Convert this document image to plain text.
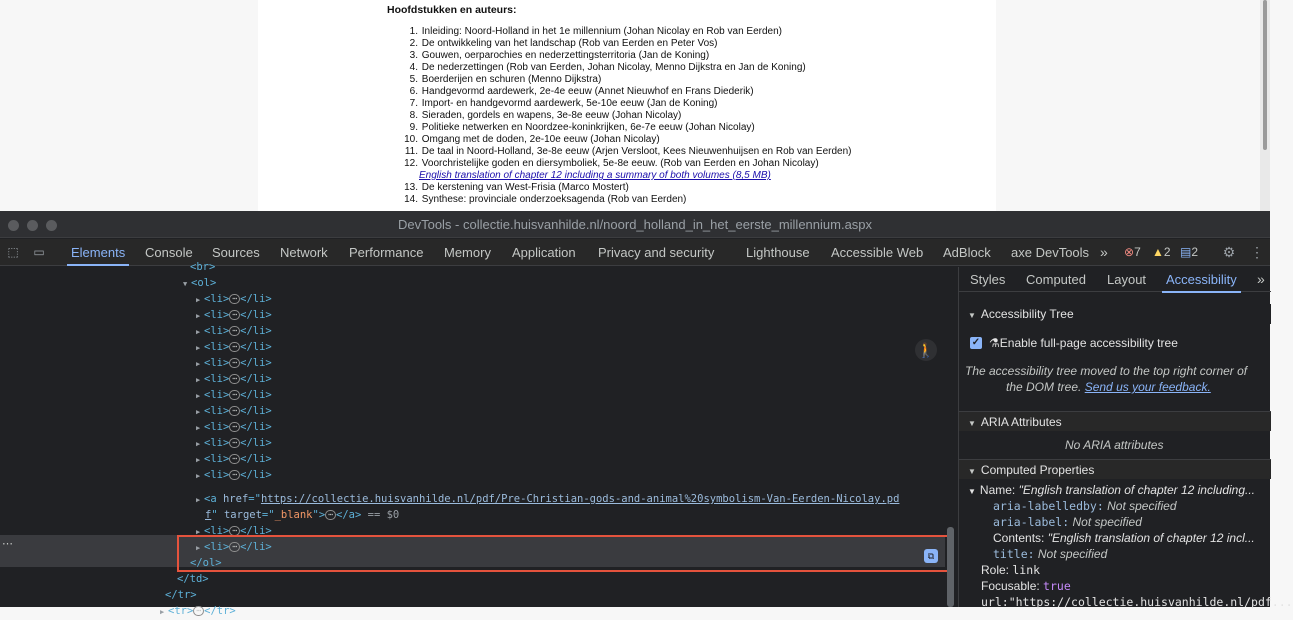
Hoofdstukken en auteurs:
1. Inleiding: Noord-Holland in het 1e millennium (Johan Nicolay en Rob van Eerden)
2. De ontwikkeling van het landschap (Rob van Eerden en Peter Vos)
3. Gouwen, oerparochies en nederzettingsterritoria (Jan de Koning)
4. De nederzettingen (Rob van Eerden, Johan Nicolay, Menno Dijkstra en Jan de Koning)
5. Boerderijen en schuren (Menno Dijkstra)
6. Handgevormd aardewerk, 2e-4e eeuw (Annet Nieuwhof en Frans Diederik)
7. Import- en handgevormd aardewerk, 5e-10e eeuw (Jan de Koning)
8. Sieraden, gordels en wapens, 3e-8e eeuw (Johan Nicolay)
9. Politieke netwerken en Noordzee-koninkrijken, 6e-7e eeuw (Johan Nicolay)
10. Omgang met de doden, 2e-10e eeuw (Johan Nicolay)
11. De taal in Noord-Holland, 3e-8e eeuw (Arjen Versloot, Kees Nieuwenhuijsen en Rob van Eerden)
12. Voorchristelijke goden en diersymboliek, 5e-8e eeuw. (Rob van Eerden en Johan Nicolay)
English translation of chapter 12 including a summary of both volumes (8,5 MB)
13. De kerstening van West-Frisia (Marco Mostert)
14. Synthese: provinciale onderzoeksagenda (Rob van Eerden)
DevTools - collectie.huisvanhilde.nl/noord_holland_in_het_eerste_millennium.aspx
⬚ ▭ Elements Console Sources Network Performance Memory Application Privacy and security Lighthouse Accessible Web AdBlock axe DevTools » ⊗7 ▲2 ▤2 ⚙ ⋮
⋯
<br>
▼ <ol>
▶ <a href="https://collectie.huisvanhilde.nl/pdf/Pre-Christian-gods-and-animal%20symbolism-Van-Eerden-Nicolay.pd
f" target="_blank"> ⋯ </a> == $0
</ol>
</td>
</tr>
▶ <tr> ⋯ </tr>
▶ <li> ⋯ </li>
▶ <li> ⋯ </li>
▶ <li> ⋯ </li>
▶ <li> ⋯ </li>
▶ <li> ⋯ </li>
▶ <li> ⋯ </li>
▶ <li> ⋯ </li>
▶ <li> ⋯ </li>
▶ <li> ⋯ </li>
▶ <li> ⋯ </li>
▶ <li> ⋯ </li>
▶ <li> ⋯ </li>
▶ <li> ⋯ </li>
▶ <li> ⋯ </li>
⧉
🚶
Styles Computed Layout Accessibility »
▼ Accessibility Tree
✓ ⚗Enable full-page accessibility tree
The accessibility tree moved to the top right corner of
the DOM tree. Send us your feedback.
▼ ARIA Attributes
No ARIA attributes
▼ Computed Properties
▼ Name: "English translation of chapter 12 including...
aria-labelledby: Not specified
aria-label: Not specified
Contents: "English translation of chapter 12 incl...
title: Not specified
Role: link
Focusable: true
url:"https://collectie.huisvanhilde.nl/pdf...
